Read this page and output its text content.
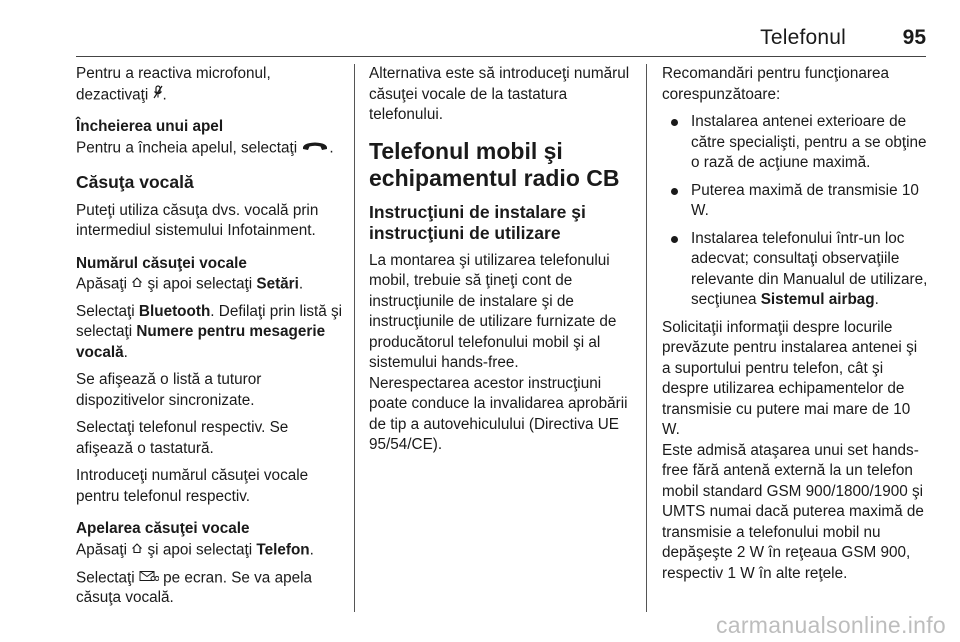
Telefonul	95

Pentru a reactiva microfonul, dezactivaţi .

Încheierea unui apel

Pentru a încheia apelul, selectaţi .

Căsuţa vocală

Puteţi utiliza căsuţa dvs. vocală prin intermediul sistemului Infotainment.

Numărul căsuţei vocale

Apăsaţi  şi apoi selectaţi Setări.

Selectaţi Bluetooth. Defilaţi prin listă şi selectaţi Numere pentru mesagerie vocală.

Se afişează o listă a tuturor dispozitivelor sincronizate.

Selectaţi telefonul respectiv. Se afişează o tastatură.

Introduceţi numărul căsuţei vocale pentru telefonul respectiv.

Apelarea căsuţei vocale

Apăsaţi  şi apoi selectaţi Telefon.

Selectaţi  pe ecran. Se va apela căsuţa vocală.

Alternativa este să introduceţi numărul căsuţei vocale de la tastatura telefonului.

Telefonul mobil şi echipamentul radio CB
Instrucţiuni de instalare şi instrucţiuni de utilizare

La montarea şi utilizarea telefonului mobil, trebuie să ţineţi cont de instrucţiunile de instalare şi de instrucţiunile de utilizare furnizate de producătorul telefonului mobil şi al sistemului hands-free.

Nerespectarea acestor instrucţiuni poate conduce la invalidarea aprobării de tip a autovehiculului (Directiva UE 95/54/CE).

Recomandări pentru funcţionarea corespunzătoare:

Instalarea antenei exterioare de către specialişti, pentru a se obţine o rază de acţiune maximă.
Puterea maximă de transmisie 10 W.
Instalarea telefonului într-un loc adecvat; consultaţi observaţiile relevante din Manualul de utilizare, secţiunea Sistemul airbag.

Solicitaţii informaţii despre locurile prevăzute pentru instalarea antenei şi a suportului pentru telefon, cât şi despre utilizarea echipamentelor de transmisie cu putere mai mare de 10 W.

Este admisă ataşarea unui set hands-free fără antenă externă la un telefon mobil standard GSM 900/1800/1900 şi UMTS numai dacă puterea maximă de transmisie a telefonului mobil nu depăşeşte 2 W în reţeaua GSM 900, respectiv 1 W în alte reţele.

carmanualsonline.info
